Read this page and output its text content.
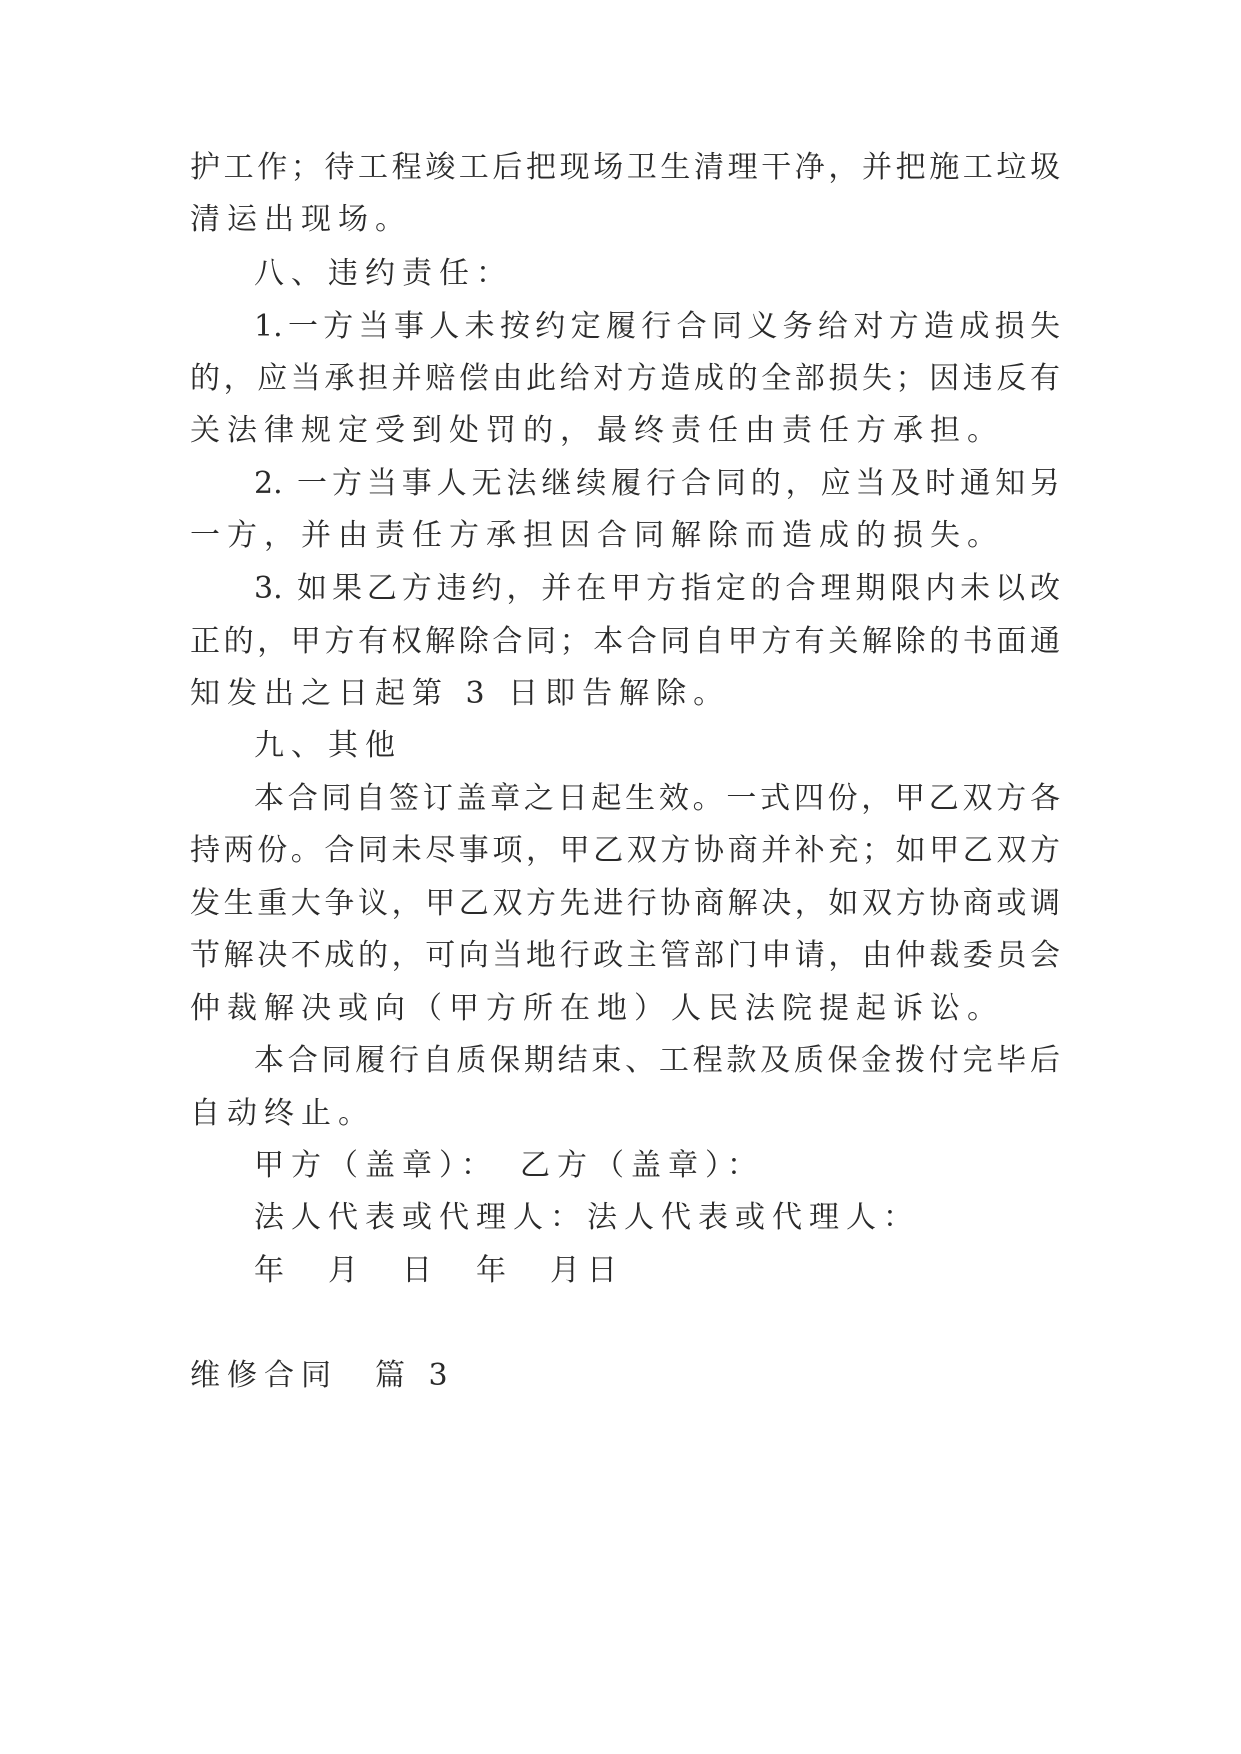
护工作；待工程竣工后把现场卫生清理干净，并把施工垃圾
清运出现场。
八、违约责任：
1.一方当事人未按约定履行合同义务给对方造成损失
的，应当承担并赔偿由此给对方造成的全部损失；因违反有
关法律规定受到处罚的，最终责任由责任方承担。
2. 一方当事人无法继续履行合同的，应当及时通知另
一方，并由责任方承担因合同解除而造成的损失。
3. 如果乙方违约，并在甲方指定的合理期限内未以改
正的，甲方有权解除合同；本合同自甲方有关解除的书面通
知发出之日起第 3 日即告解除。
九、其他
本合同自签订盖章之日起生效。一式四份，甲乙双方各
持两份。合同未尽事项，甲乙双方协商并补充；如甲乙双方
发生重大争议，甲乙双方先进行协商解决，如双方协商或调
节解决不成的，可向当地行政主管部门申请，由仲裁委员会
仲裁解决或向（甲方所在地）人民法院提起诉讼。
本合同履行自质保期结束、工程款及质保金拨付完毕后
自动终止。
甲方（盖章）：　乙方（盖章）：
法人代表或代理人：法人代表或代理人：
年　月　日　年　月日
维修合同　篇 3
